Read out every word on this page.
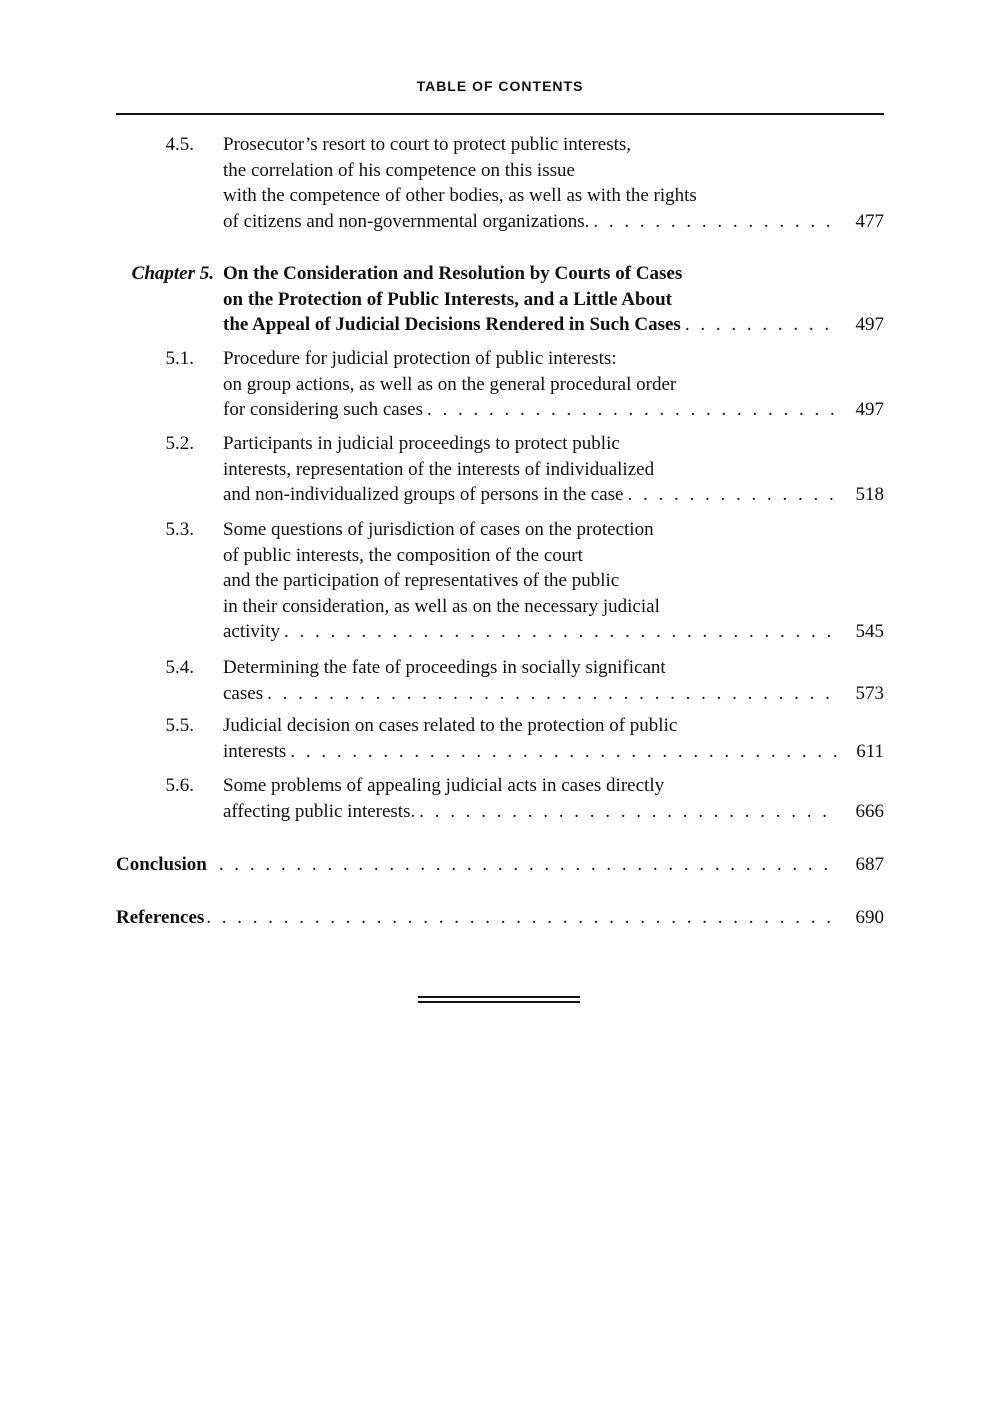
TABLE OF CONTENTS
4.5. Prosecutor’s resort to court to protect public interests,
the correlation of his competence on this issue
with the competence of other bodies, as well as with the rights
of citizens and non-governmental organizations. . . .	477
Chapter 5. On the Consideration and Resolution by Courts of Cases
on the Protection of Public Interests, and a Little About
the Appeal of Judicial Decisions Rendered in Such Cases . . .	497
5.1. Procedure for judicial protection of public interests:
on group actions, as well as on the general procedural order
for considering such cases . . .	497
5.2. Participants in judicial proceedings to protect public
interests, representation of the interests of individualized
and non-individualized groups of persons in the case . . .	518
5.3. Some questions of jurisdiction of cases on the protection
of public interests, the composition of the court
and the participation of representatives of the public
in their consideration, as well as on the necessary judicial
activity . . .	545
5.4. Determining the fate of proceedings in socially significant
cases . . .	573
5.5. Judicial decision on cases related to the protection of public
interests . . .	611
5.6. Some problems of appealing judicial acts in cases directly
affecting public interests. . . .	666
Conclusion . . .	687
References . . .	690
